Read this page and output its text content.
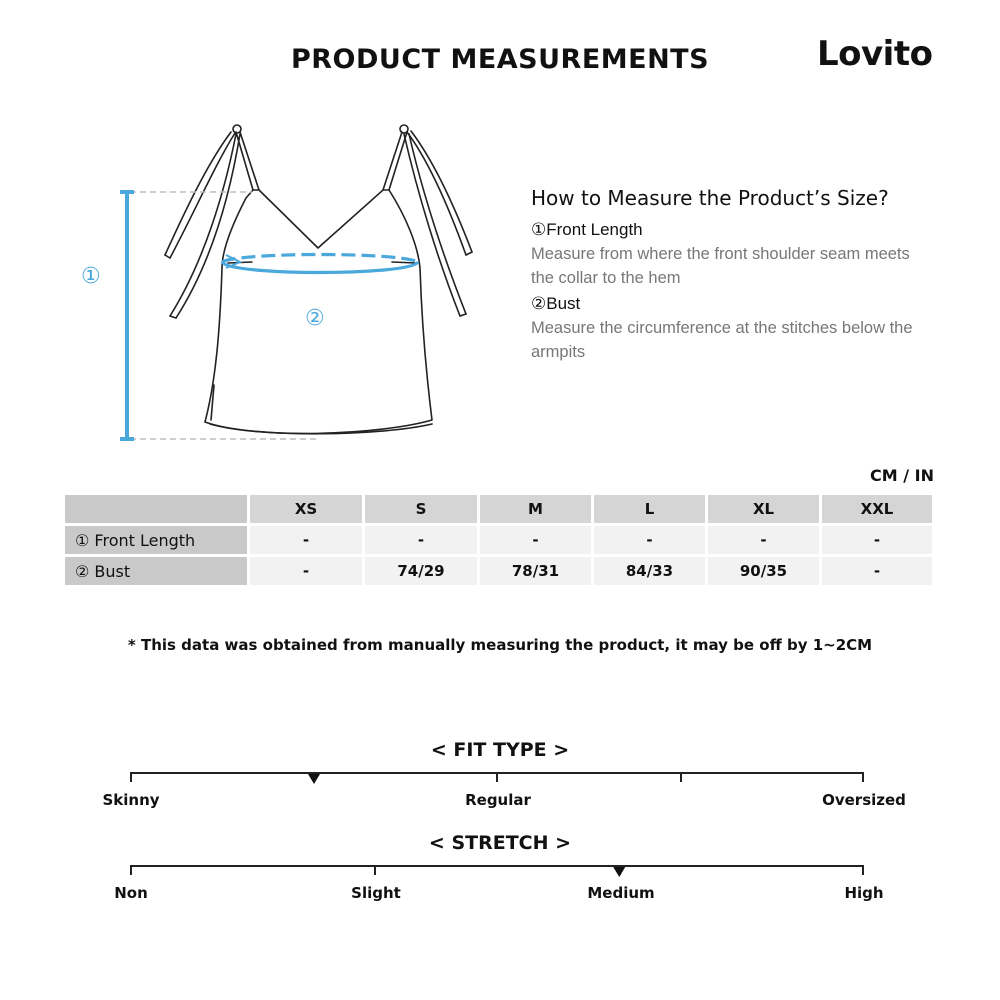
PRODUCT MEASUREMENTS	Lovito
①
②
How to Measure the Product’s Size?
①Front Length
Measure from where the front shoulder seam meets the collar to the hem
②Bust
Measure the circumference at the stitches below the armpits
CM / IN
	XS	S	M	L	XL	XXL
① Front Length	-	-	-	-	-	-
② Bust	-	74/29	78/31	84/33	90/35	-
* This data was obtained from manually measuring the product, it may be off by 1~2CM
< FIT TYPE >
Skinny	Regular	Oversized
< STRETCH >
Non	Slight	Medium	High
